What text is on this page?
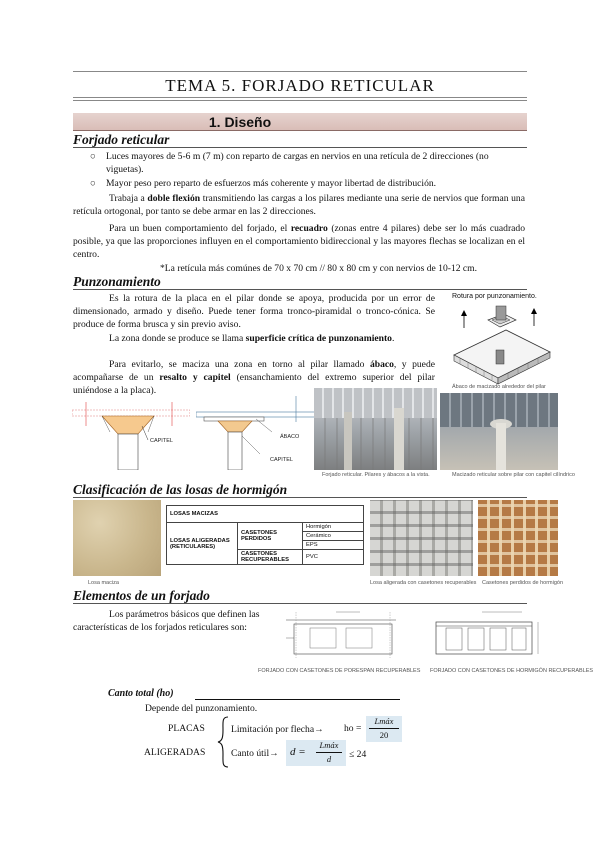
TEMA 5. FORJADO RETICULAR
1. Diseño
Forjado reticular
○ Luces mayores de 5-6 m (7 m) con reparto de cargas en nervios en una retícula de 2 direcciones (no viguetas).
○ Mayor peso pero reparto de esfuerzos más coherente y mayor libertad de distribución.
Trabaja a doble flexión transmitiendo las cargas a los pilares mediante una serie de nervios que forman una retícula ortogonal, por tanto se debe armar en las 2 direcciones.
Para un buen comportamiento del forjado, el recuadro (zonas entre 4 pilares) debe ser lo más cuadrado posible, ya que las proporciones influyen en el comportamiento bidireccional y las mayores flechas se localizan en el centro.
*La retícula más comúnes de 70 x 70 cm // 80 x 80 cm y con nervios de 10-12 cm.
Punzonamiento
Es la rotura de la placa en el pilar donde se apoya, producida por un error de dimensionado, armado y diseño. Puede tener forma tronco-piramidal o tronco-cónica. Se produce de forma brusca y sin previo aviso.
La zona donde se produce se llama superficie crítica de punzonamiento.
Para evitarlo, se maciza una zona en torno al pilar llamado ábaco, y puede acompañarse de un resalto y capitel (ensanchamiento del extremo superior del pilar uniéndose a la placa).
Rotura por punzonamiento.
Ábaco de macizado alrededor del pilar
CAPITEL
ÁBACO
CAPITEL
Forjado reticular. Pilares y ábacos a la vista.	Macizado reticular sobre pilar con capitel cilíndrico
Clasificación de las losas de hormigón
Losa maciza
LOSAS MACIZAS		
LOSAS ALIGERADAS (RETICULARES)	CASETONES PERDIDOS	Hormigón
		Cerámico
		EPS
	CASETONES RECUPERABLES	PVC
Losa aligerada con casetones recuperables Casetones perdidos de hormigón
Elementos de un forjado
Los parámetros básicos que definen las características de los forjados reticulares son:
FORJADO CON CASETONES DE PORESPAN RECUPERABLES FORJADO CON CASETONES DE HORMIGÓN RECUPERABLES
Canto total (ho)
Depende del punzonamiento.
PLACAS
ALIGERADAS
Limitación por flecha→ ho =
Lmáx
20
Canto útil→ d =
Lmáx
d	≤ 24
